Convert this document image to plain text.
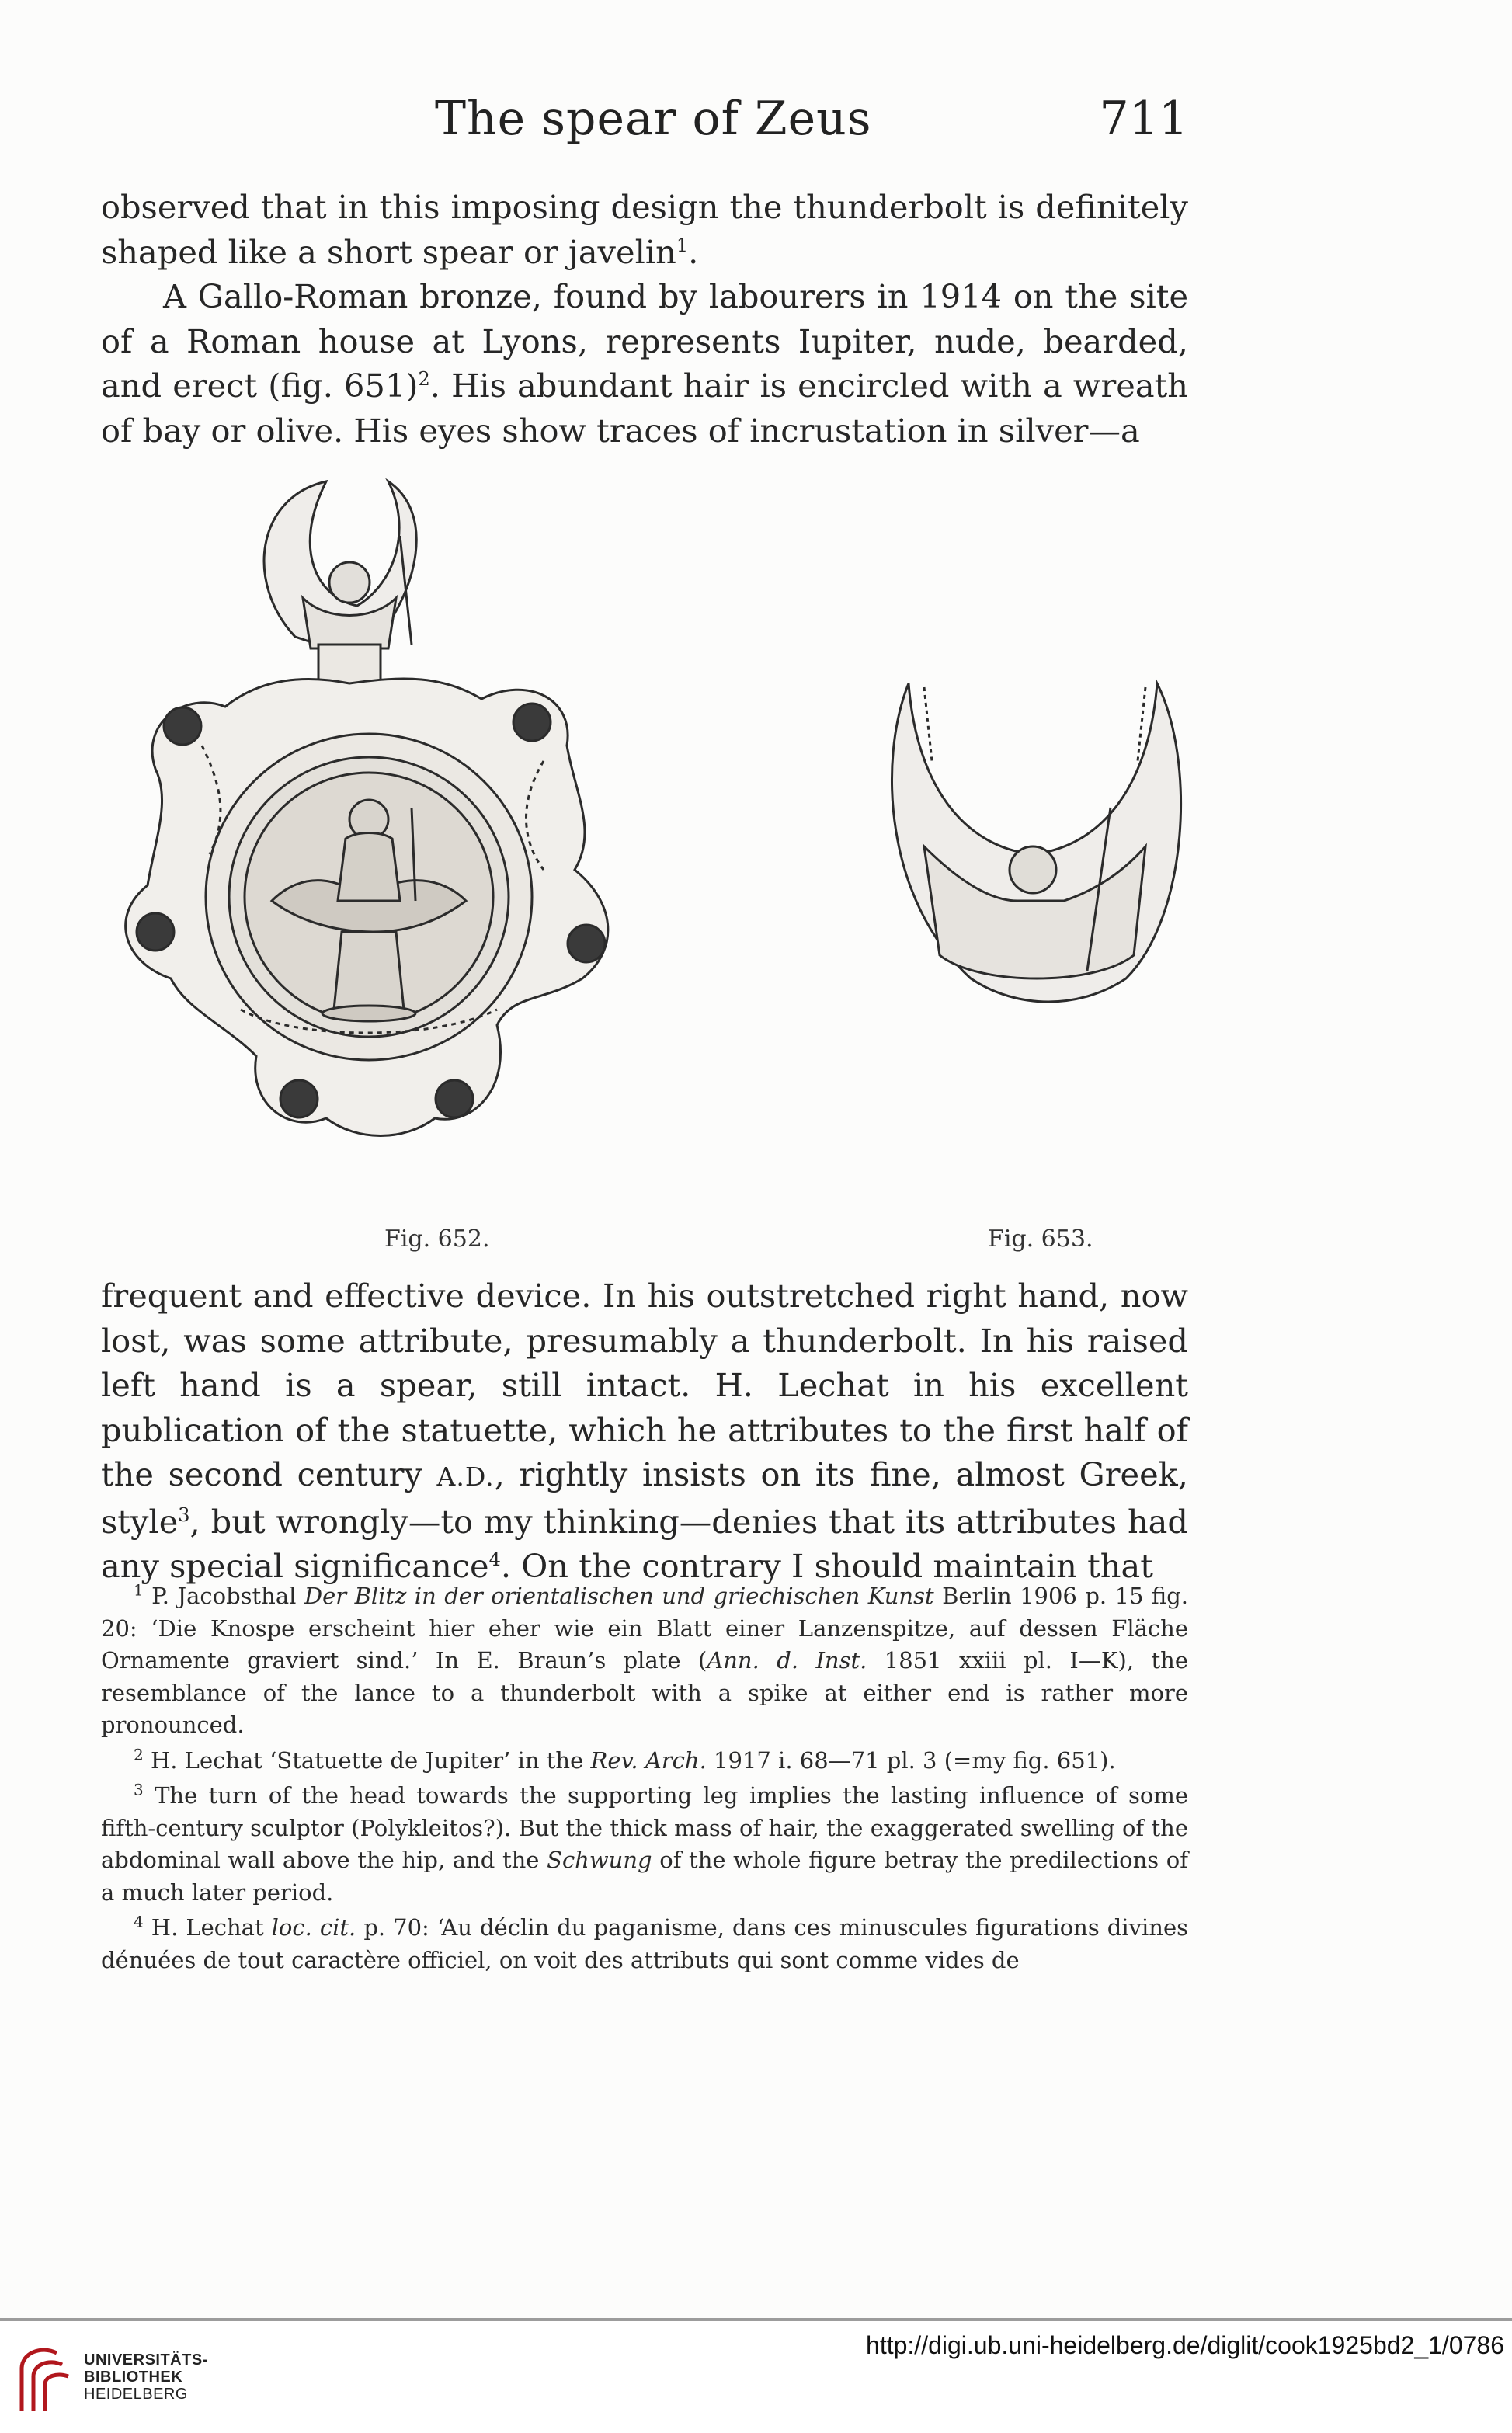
The spear of Zeus	711

observed that in this imposing design the thunderbolt is definitely shaped like a short spear or javelin$^1$.

A Gallo-Roman bronze, found by labourers in 1914 on the site of a Roman house at Lyons, represents Iupiter, nude, bearded, and erect (fig. 651)$^2$. His abundant hair is encircled with a wreath of bay or olive. His eyes show traces of incrustation in silver—a

Fig. 652.	Fig. 653.

frequent and effective device. In his outstretched right hand, now lost, was some attribute, presumably a thunderbolt. In his raised left hand is a spear, still intact. H. Lechat in his excellent publication of the statuette, which he attributes to the first half of the second century A.D., rightly insists on its fine, almost Greek, style$^3$, but wrongly—to my thinking—denies that its attributes had any special significance$^4$. On the contrary I should maintain that

$^1$ P. Jacobsthal Der Blitz in der orientalischen und griechischen Kunst Berlin 1906 p. 15 fig. 20: ‘Die Knospe erscheint hier eher wie ein Blatt einer Lanzenspitze, auf dessen Fläche Ornamente graviert sind.’ In E. Braun’s plate (Ann. d. Inst. 1851 xxiii pl. I—K), the resemblance of the lance to a thunderbolt with a spike at either end is rather more pronounced.

$^2$ H. Lechat ‘Statuette de Jupiter’ in the Rev. Arch. 1917 i. 68—71 pl. 3 (=my fig. 651).

$^3$ The turn of the head towards the supporting leg implies the lasting influence of some fifth-century sculptor (Polykleitos?). But the thick mass of hair, the exaggerated swelling of the abdominal wall above the hip, and the Schwung of the whole figure betray the predilections of a much later period.

$^4$ H. Lechat loc. cit. p. 70: ‘Au déclin du paganisme, dans ces minuscules figurations divines dénuées de tout caractère officiel, on voit des attributs qui sont comme vides de

UNIVERSITÄTS-
BIBLIOTHEK
HEIDELBERG
http://digi.ub.uni-heidelberg.de/diglit/cook1925bd2_1/0786
